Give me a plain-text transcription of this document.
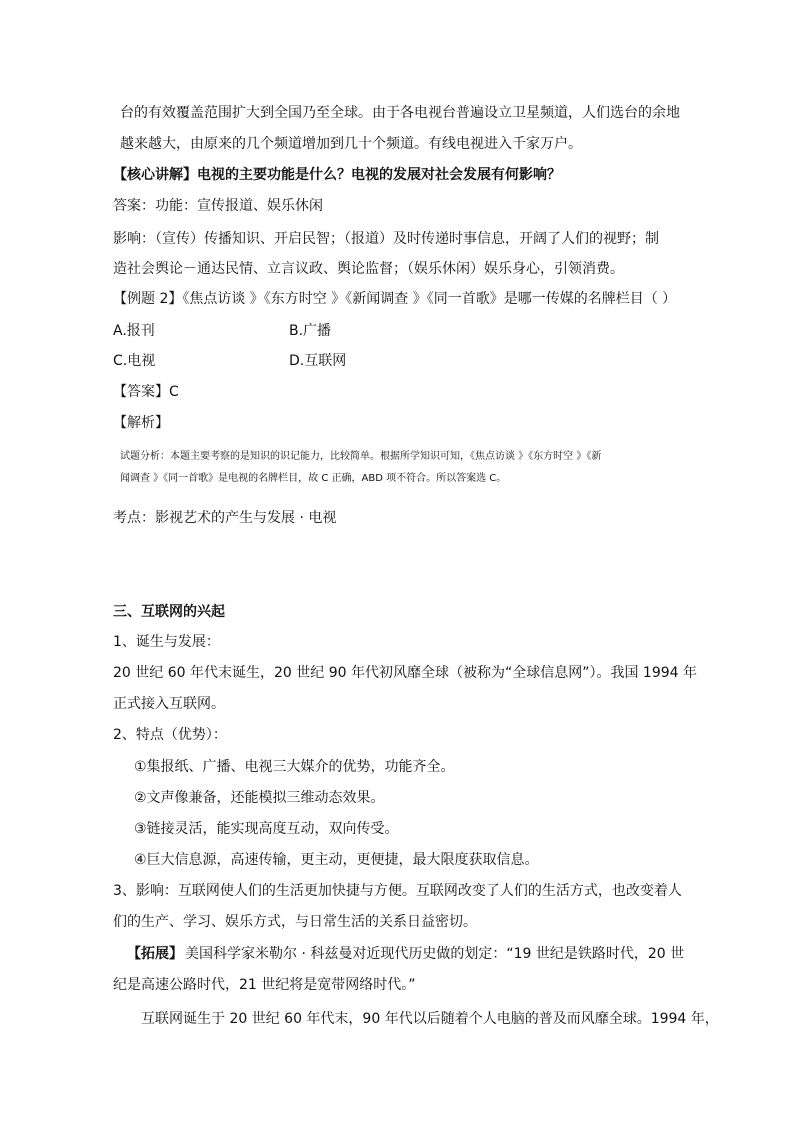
台的有效覆盖范围扩大到全国乃至全球。由于各电视台普遍设立卫星频道，人们选台的余地
越来越大，由原来的几个频道增加到几十个频道。有线电视进入千家万户。
【核心讲解】电视的主要功能是什么？电视的发展对社会发展有何影响？
答案：功能：宣传报道、娱乐休闲
影响：（宣传）传播知识、开启民智；（报道）及时传递时事信息，开阔了人们的视野；制
造社会舆论－通达民情、立言议政、舆论监督；（娱乐休闲）娱乐身心，引领消费。
【例题 2】《焦点访谈 》《东方时空 》《新闻调查 》《同一首歌》是哪一传媒的名牌栏目（ ）
A.报刊	B.广播
C.电视	D.互联网
【答案】C
【解析】
试题分析：本题主要考察的是知识的识记能力，比较简单。根据所学知识可知，《焦点访谈 》《东方时空 》《新
闻调查 》《同一首歌》是电视的名牌栏目，故 C 正确，ABD 项不符合。所以答案选 C。
考点：影视艺术的产生与发展 · 电视
三、互联网的兴起
1、诞生与发展：
20 世纪 60 年代末诞生，20 世纪 90 年代初风靡全球（被称为“全球信息网”）。我国 1994 年
正式接入互联网。
2、特点（优势）：
①集报纸、广播、电视三大媒介的优势，功能齐全。
②文声像兼备，还能模拟三维动态效果。
③链接灵活，能实现高度互动，双向传受。
④巨大信息源，高速传输，更主动，更便捷，最大限度获取信息。
3、影响：互联网使人们的生活更加快捷与方便。互联网改变了人们的生活方式，也改变着人
们的生产、学习、娱乐方式，与日常生活的关系日益密切。
【拓展】 美国科学家米勒尔 · 科兹曼对近现代历史做的划定：“19 世纪是铁路时代，20 世
纪是高速公路时代，21 世纪将是宽带网络时代。”
互联网诞生于 20 世纪 60 年代末，90 年代以后随着个人电脑的普及而风靡全球。1994 年，
